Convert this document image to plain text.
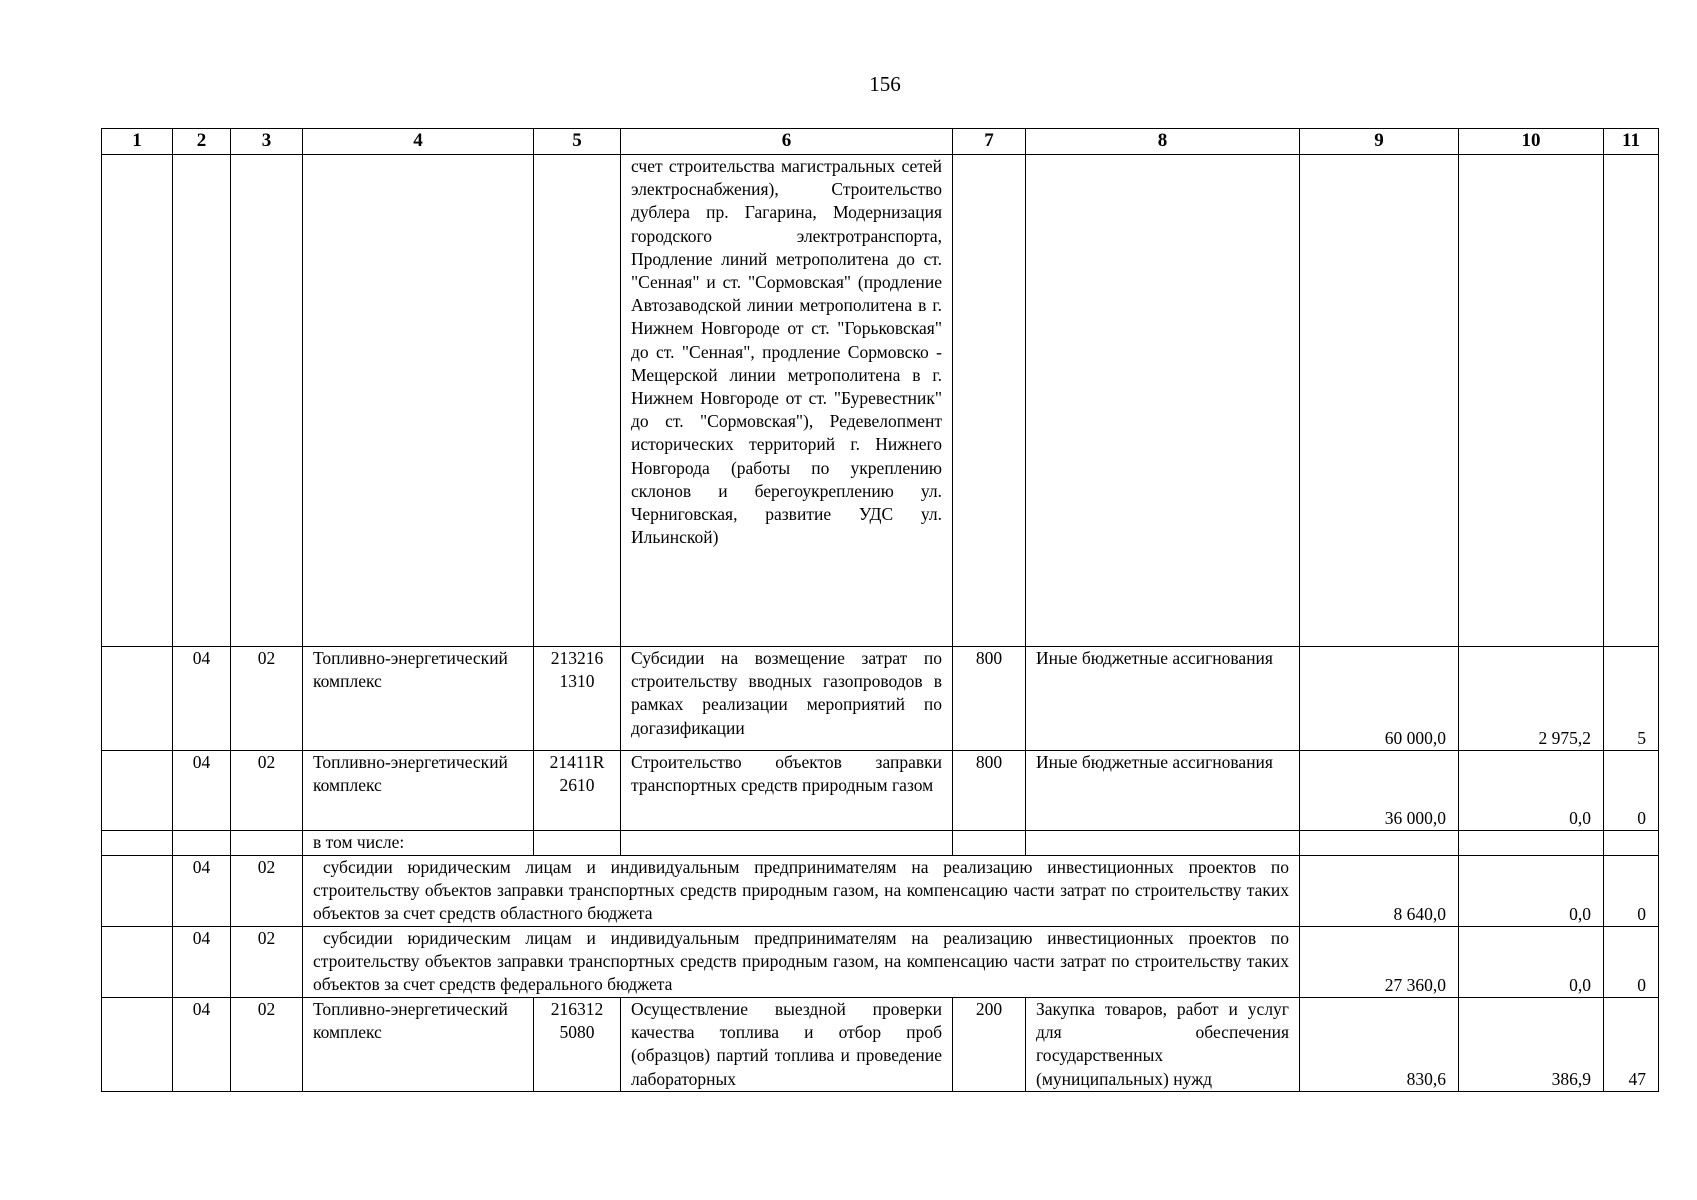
156
1	2	3	4	5	6	7	8	9	10	11
					счет строительства магистральных сетей электроснабжения), Строительство дублера пр. Гагарина, Модернизация городского электротранспорта, Продление линий метрополитена до ст. "Сенная" и ст. "Сормовская" (продление Автозаводской линии метрополитена в г. Нижнем Новгороде от ст. "Горьковская" до ст. "Сенная", продление Сормовско - Мещерской линии метрополитена в г. Нижнем Новгороде от ст. "Буревестник" до ст. "Сормовская"), Редевелопмент исторических территорий г. Нижнего Новгорода (работы по укреплению склонов и берегоукреплению ул. Черниговская, развитие УДС ул. Ильинской)					
	04	02	Топливно-энергетический комплекс	213216 1310	Субсидии на возмещение затрат по строительству вводных газопроводов в рамках реализации мероприятий по догазификации	800	Иные бюджетные ассигнования	60 000,0	2 975,2	5
	04	02	Топливно-энергетический комплекс	21411R 2610	Строительство объектов заправки транспортных средств природным газом	800	Иные бюджетные ассигнования	36 000,0	0,0	0
			в том числе:							
	04	02	субсидии юридическим лицам и индивидуальным предпринимателям на реализацию инвестиционных проектов по строительству объектов заправки транспортных средств природным газом, на компенсацию части затрат по строительству таких объектов за счет средств областного бюджета					8 640,0	0,0	0
	04	02	субсидии юридическим лицам и индивидуальным предпринимателям на реализацию инвестиционных проектов по строительству объектов заправки транспортных средств природным газом, на компенсацию части затрат по строительству таких объектов за счет средств федерального бюджета					27 360,0	0,0	0
	04	02	Топливно-энергетический комплекс	216312 5080	Осуществление выездной проверки качества топлива и отбор проб (образцов) партий топлива и проведение лабораторных	200	Закупка товаров, работ и услуг для обеспечения государственных (муниципальных) нужд	830,6	386,9	47
